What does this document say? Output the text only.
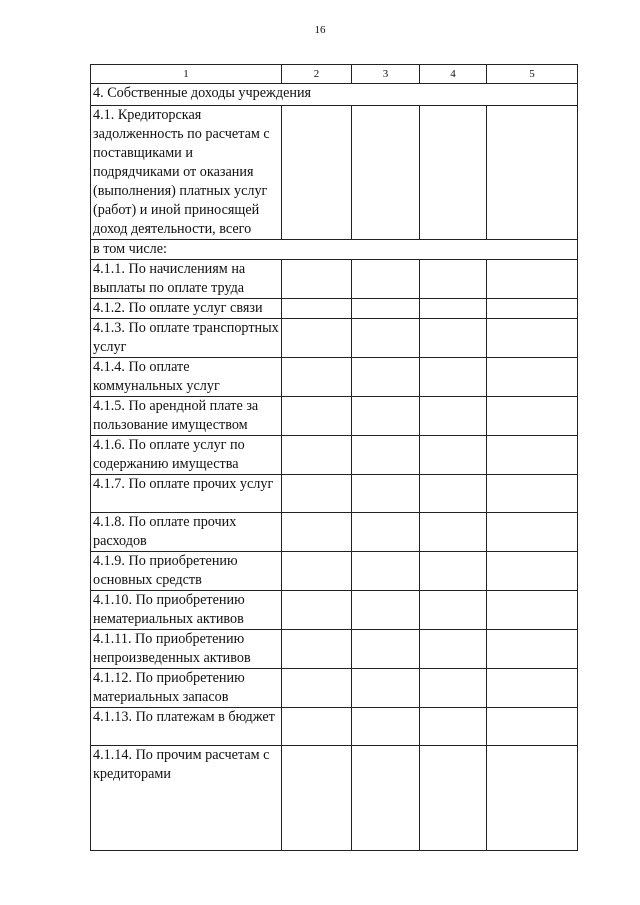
16
1	2	3	4	5
4. Собственные доходы учреждения				
4.1. Кредиторская задолженность по расчетам с поставщиками и подрядчиками от оказания (выполнения) платных услуг (работ) и иной приносящей доход деятельности, всего				
в том числе:				
4.1.1. По начислениям на выплаты по оплате труда				
4.1.2. По оплате услуг связи				
4.1.3. По оплате транспортных услуг				
4.1.4. По оплате коммунальных услуг				
4.1.5. По арендной плате за пользование имуществом				
4.1.6. По оплате услуг по содержанию имущества				
4.1.7. По оплате прочих услуг				
4.1.8. По оплате прочих расходов				
4.1.9. По приобретению основных средств				
4.1.10. По приобретению нематериальных активов				
4.1.11. По приобретению непроизведенных активов				
4.1.12. По приобретению материальных запасов				
4.1.13. По платежам в бюджет				
4.1.14. По прочим расчетам с кредиторами				
